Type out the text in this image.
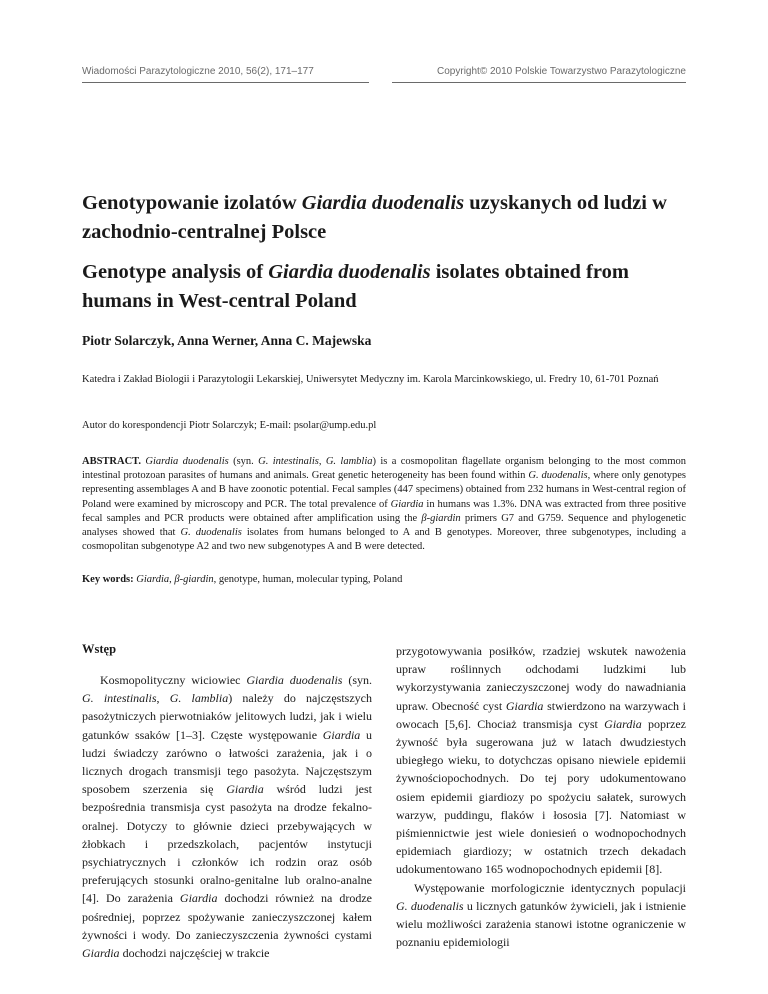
Wiadomości Parazytologiczne 2010, 56(2), 171–177	Copyright© 2010 Polskie Towarzystwo Parazytologiczne
Genotypowanie izolatów Giardia duodenalis uzyskanych od ludzi w zachodnio-centralnej Polsce
Genotype analysis of Giardia duodenalis isolates obtained from humans in West-central Poland
Piotr Solarczyk, Anna Werner, Anna C. Majewska
Katedra i Zakład Biologii i Parazytologii Lekarskiej, Uniwersytet Medyczny im. Karola Marcinkowskiego, ul. Fredry 10, 61-701 Poznań
Autor do korespondencji Piotr Solarczyk; E-mail: psolar@ump.edu.pl

ABSTRACT. Giardia duodenalis (syn. G. intestinalis, G. lamblia) is a cosmopolitan flagellate organism belonging to the most common intestinal protozoan parasites of humans and animals. Great genetic heterogeneity has been found within G. duodenalis, where only genotypes representing assemblages A and B have zoonotic potential. Fecal samples (447 specimens) obtained from 232 humans in West-central region of Poland were examined by microscopy and PCR. The total prevalence of Giardia in humans was 1.3%. DNA was extracted from three positive fecal samples and PCR products were obtained after amplification using the β-giardin primers G7 and G759. Sequence and phylogenetic analyses showed that G. duodenalis isolates from humans belonged to A and B genotypes. Moreover, three subgenotypes, including a cosmopolitan subgenotype A2 and two new subgenotypes A and B were detected.

Key words: Giardia, β-giardin, genotype, human, molecular typing, Poland
Wstęp

Kosmopolityczny wiciowiec Giardia duodenalis (syn. G. intestinalis, G. lamblia) należy do najczęstszych pasożytniczych pierwotniaków jelitowych ludzi, jak i wielu gatunków ssaków [1–3]. Częste występowanie Giardia u ludzi świadczy zarówno o łatwości zarażenia, jak i o licznych drogach transmisji tego pasożyta. Najczęstszym sposobem szerzenia się Giardia wśród ludzi jest bezpośrednia transmisja cyst pasożyta na drodze fekalno-oralnej. Dotyczy to głównie dzieci przebywających w żłobkach i przedszkolach, pacjentów instytucji psychiatrycznych i członków ich rodzin oraz osób preferujących stosunki oralno-genitalne lub oralno-analne [4]. Do zarażenia Giardia dochodzi również na drodze pośredniej, poprzez spożywanie zanieczyszczonej kałem żywności i wody. Do zanieczyszczenia żywności cystami Giardia dochodzi najczęściej w trakcie

przygotowywania posiłków, rzadziej wskutek nawożenia upraw roślinnych odchodami ludzkimi lub wykorzystywania zanieczyszczonej wody do nawadniania upraw. Obecność cyst Giardia stwierdzono na warzywach i owocach [5,6]. Chociaż transmisja cyst Giardia poprzez żywność była sugerowana już w latach dwudziestych ubiegłego wieku, to dotychczas opisano niewiele epidemii żywnościopochodnych. Do tej pory udokumentowano osiem epidemii giardiozy po spożyciu sałatek, surowych warzyw, puddingu, flaków i łososia [7]. Natomiast w piśmiennictwie jest wiele doniesień o wodnopochodnych epidemiach giardiozy; w ostatnich trzech dekadach udokumentowano 165 wodnopochodnych epidemii [8].

Występowanie morfologicznie identycznych populacji G. duodenalis u licznych gatunków żywicieli, jak i istnienie wielu możliwości zarażenia stanowi istotne ograniczenie w poznaniu epidemiologii
